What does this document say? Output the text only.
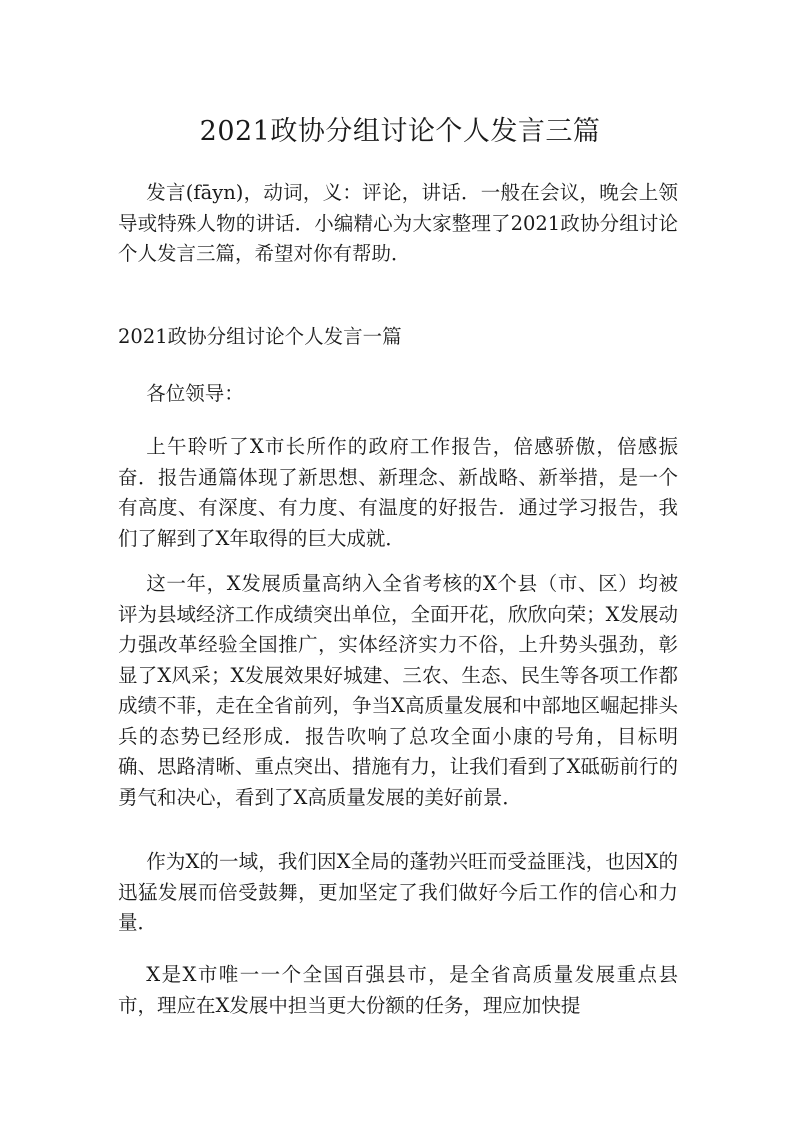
2021政协分组讨论个人发言三篇

发言(fāyn)，动词，义：评论，讲话．一般在会议，晚会上领导或特殊人物的讲话．小编精心为大家整理了2021政协分组讨论个人发言三篇，希望对你有帮助．

2021政协分组讨论个人发言一篇

各位领导：

上午聆听了X市长所作的政府工作报告，倍感骄傲，倍感振奋．报告通篇体现了新思想、新理念、新战略、新举措，是一个有高度、有深度、有力度、有温度的好报告．通过学习报告，我们了解到了X年取得的巨大成就．

这一年，X发展质量高纳入全省考核的X个县（市、区）均被评为县域经济工作成绩突出单位，全面开花，欣欣向荣；X发展动力强改革经验全国推广，实体经济实力不俗，上升势头强劲，彰显了X风采；X发展效果好城建、三农、生态、民生等各项工作都成绩不菲，走在全省前列，争当X高质量发展和中部地区崛起排头兵的态势已经形成．报告吹响了总攻全面小康的号角，目标明确、思路清晰、重点突出、措施有力，让我们看到了X砥砺前行的勇气和决心，看到了X高质量发展的美好前景．

作为X的一域，我们因X全局的蓬勃兴旺而受益匪浅，也因X的迅猛发展而倍受鼓舞，更加坚定了我们做好今后工作的信心和力量．

X是X市唯一一个全国百强县市，是全省高质量发展重点县市，理应在X发展中担当更大份额的任务，理应加快提
